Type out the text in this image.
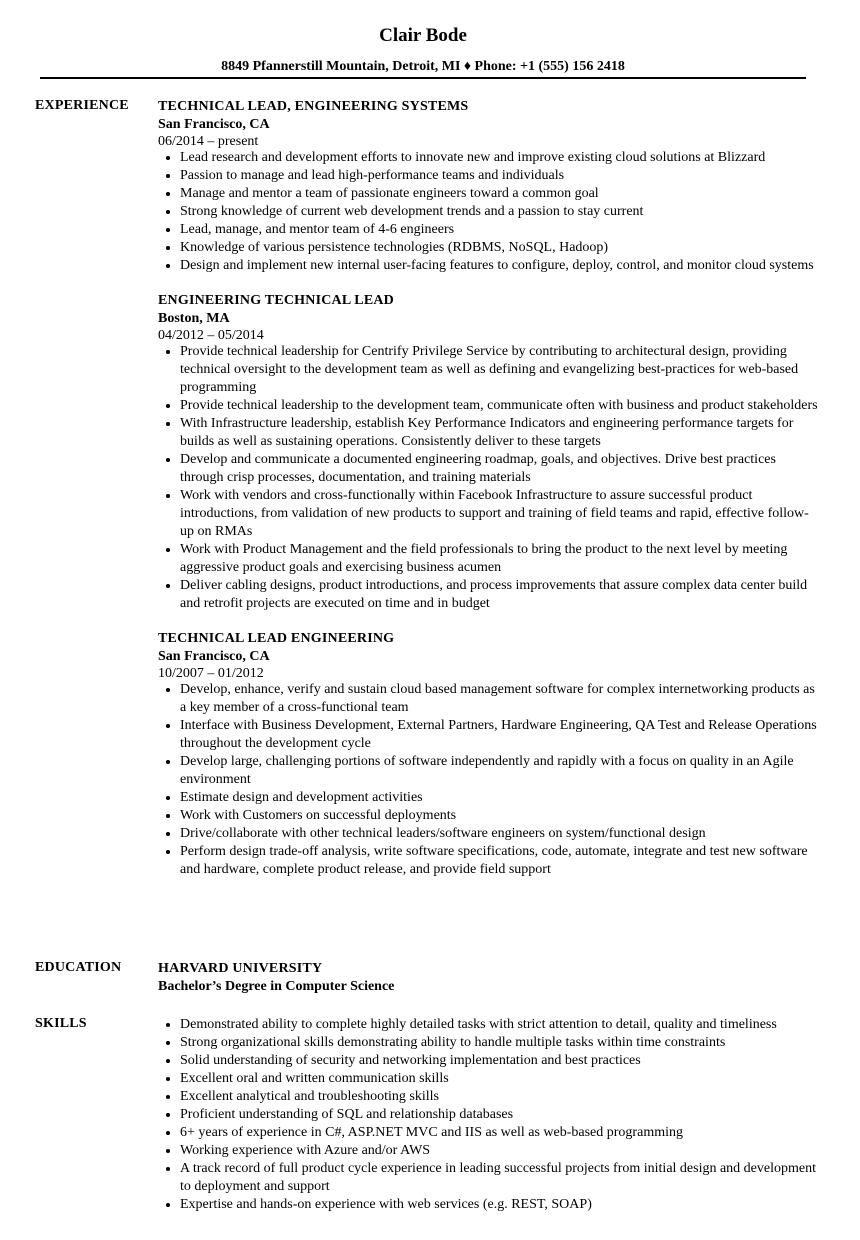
Clair Bode
8849 Pfannerstill Mountain, Detroit, MI ♦ Phone: +1 (555) 156 2418
EXPERIENCE TECHNICAL LEAD, ENGINEERING SYSTEMS
San Francisco, CA
06/2014 – present
• Lead research and development efforts to innovate new and improve existing cloud solutions at Blizzard
• Passion to manage and lead high-performance teams and individuals
• Manage and mentor a team of passionate engineers toward a common goal
• Strong knowledge of current web development trends and a passion to stay current
• Lead, manage, and mentor team of 4-6 engineers
• Knowledge of various persistence technologies (RDBMS, NoSQL, Hadoop)
• Design and implement new internal user-facing features to configure, deploy, control, and monitor cloud systems
ENGINEERING TECHNICAL LEAD
Boston, MA
04/2012 – 05/2014
• Provide technical leadership for Centrify Privilege Service by contributing to architectural design, providing technical oversight to the development team as well as defining and evangelizing best-practices for web-based programming
• Provide technical leadership to the development team, communicate often with business and product stakeholders
• With Infrastructure leadership, establish Key Performance Indicators and engineering performance targets for builds as well as sustaining operations. Consistently deliver to these targets
• Develop and communicate a documented engineering roadmap, goals, and objectives. Drive best practices through crisp processes, documentation, and training materials
• Work with vendors and cross-functionally within Facebook Infrastructure to assure successful product introductions, from validation of new products to support and training of field teams and rapid, effective follow-up on RMAs
• Work with Product Management and the field professionals to bring the product to the next level by meeting aggressive product goals and exercising business acumen
• Deliver cabling designs, product introductions, and process improvements that assure complex data center build and retrofit projects are executed on time and in budget
TECHNICAL LEAD ENGINEERING
San Francisco, CA
10/2007 – 01/2012
• Develop, enhance, verify and sustain cloud based management software for complex internetworking products as a key member of a cross-functional team
• Interface with Business Development, External Partners, Hardware Engineering, QA Test and Release Operations throughout the development cycle
• Develop large, challenging portions of software independently and rapidly with a focus on quality in an Agile environment
• Estimate design and development activities
• Work with Customers on successful deployments
• Drive/collaborate with other technical leaders/software engineers on system/functional design
• Perform design trade-off analysis, write software specifications, code, automate, integrate and test new software and hardware, complete product release, and provide field support
EDUCATION	HARVARD UNIVERSITY
Bachelor’s Degree in Computer Science
SKILLS
•	Demonstrated ability to complete highly detailed tasks with strict attention to detail, quality and timeliness
• Strong organizational skills demonstrating ability to handle multiple tasks within time constraints
• Solid understanding of security and networking implementation and best practices
• Excellent oral and written communication skills
• Excellent analytical and troubleshooting skills
• Proficient understanding of SQL and relationship databases
• 6+ years of experience in C#, ASP.NET MVC and IIS as well as web-based programming
• Working experience with Azure and/or AWS
• A track record of full product cycle experience in leading successful projects from initial design and development to deployment and support
• Expertise and hands-on experience with web services (e.g. REST, SOAP)
